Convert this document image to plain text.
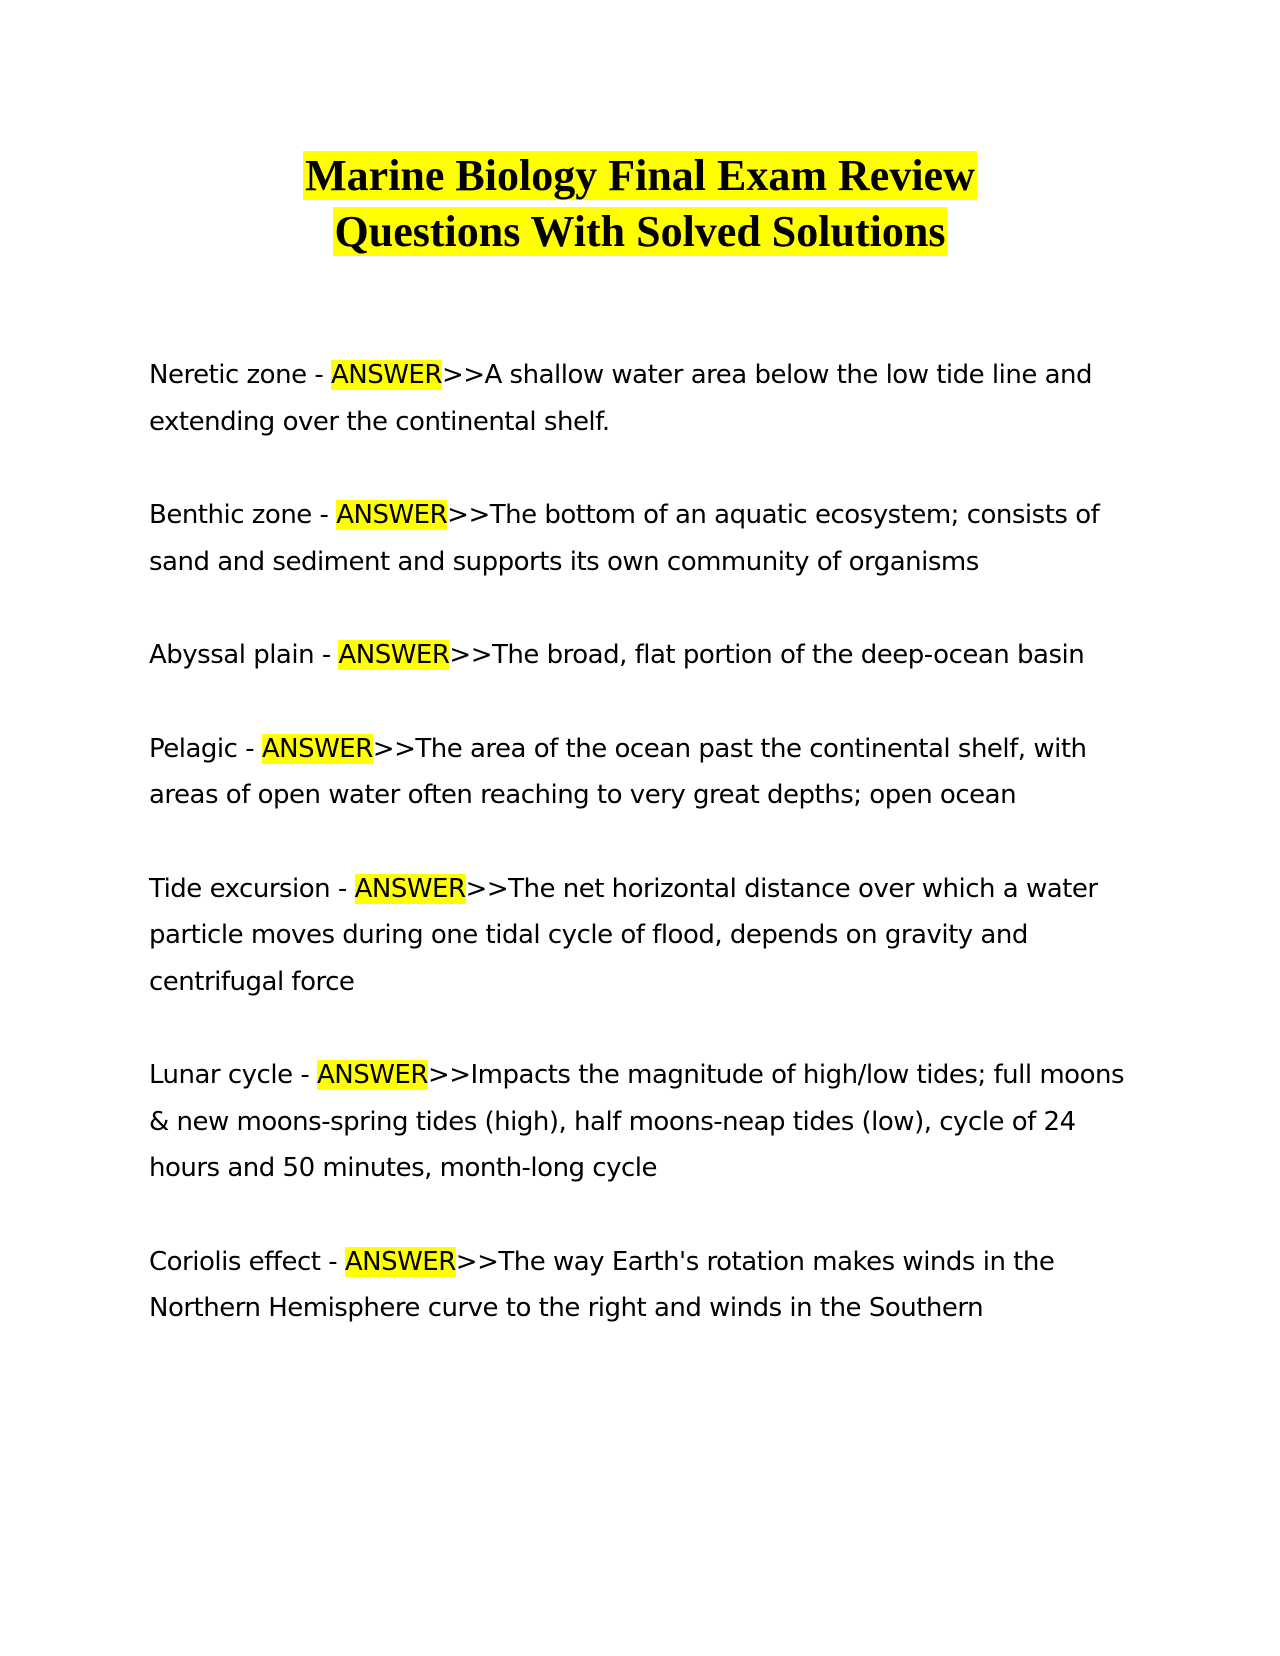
Marine Biology Final Exam Review
Questions With Solved Solutions
Neretic zone - ANSWER>>A shallow water area below the low tide line and extending over the continental shelf.
Benthic zone - ANSWER>>The bottom of an aquatic ecosystem; consists of sand and sediment and supports its own community of organisms
Abyssal plain - ANSWER>>The broad, flat portion of the deep-ocean basin
Pelagic - ANSWER>>The area of the ocean past the continental shelf, with areas of open water often reaching to very great depths; open ocean
Tide excursion - ANSWER>>The net horizontal distance over which a water particle moves during one tidal cycle of flood, depends on gravity and centrifugal force
Lunar cycle - ANSWER>>Impacts the magnitude of high/low tides; full moons & new moons-spring tides (high), half moons-neap tides (low), cycle of 24 hours and 50 minutes, month-long cycle
Coriolis effect - ANSWER>>The way Earth's rotation makes winds in the Northern Hemisphere curve to the right and winds in the Southern
